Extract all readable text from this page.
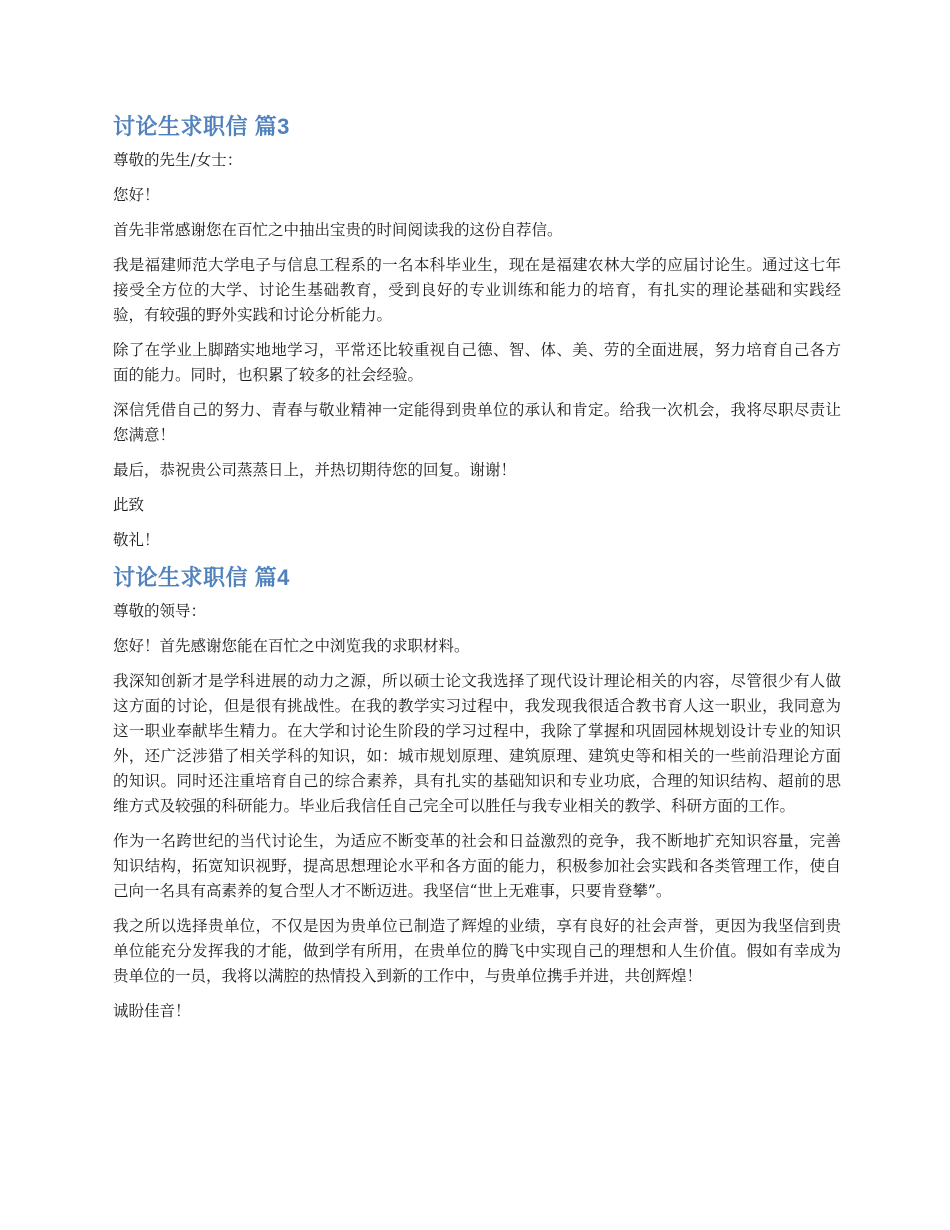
讨论生求职信 篇3

尊敬的先生/女士：

您好！

首先非常感谢您在百忙之中抽出宝贵的时间阅读我的这份自荐信。

我是福建师范大学电子与信息工程系的一名本科毕业生，现在是福建农林大学的应届讨论生。通过这七年接受全方位的大学、讨论生基础教育，受到良好的专业训练和能力的培育，有扎实的理论基础和实践经验，有较强的野外实践和讨论分析能力。

除了在学业上脚踏实地地学习，平常还比较重视自己德、智、体、美、劳的全面进展，努力培育自己各方面的能力。同时，也积累了较多的社会经验。

深信凭借自己的努力、青春与敬业精神一定能得到贵单位的承认和肯定。给我一次机会，我将尽职尽责让您满意！

最后，恭祝贵公司蒸蒸日上，并热切期待您的回复。谢谢！

此致

敬礼！

讨论生求职信 篇4

尊敬的领导：

您好！首先感谢您能在百忙之中浏览我的求职材料。

我深知创新才是学科进展的动力之源，所以硕士论文我选择了现代设计理论相关的内容，尽管很少有人做这方面的讨论，但是很有挑战性。在我的教学实习过程中，我发现我很适合教书育人这一职业，我同意为这一职业奉献毕生精力。在大学和讨论生阶段的学习过程中，我除了掌握和巩固园林规划设计专业的知识外，还广泛涉猎了相关学科的知识，如：城市规划原理、建筑原理、建筑史等和相关的一些前沿理论方面的知识。同时还注重培育自己的综合素养，具有扎实的基础知识和专业功底，合理的知识结构、超前的思维方式及较强的科研能力。毕业后我信任自己完全可以胜任与我专业相关的教学、科研方面的工作。

作为一名跨世纪的当代讨论生，为适应不断变革的社会和日益激烈的竞争，我不断地扩充知识容量，完善知识结构，拓宽知识视野，提高思想理论水平和各方面的能力，积极参加社会实践和各类管理工作，使自己向一名具有高素养的复合型人才不断迈进。我坚信“世上无难事，只要肯登攀”。

我之所以选择贵单位，不仅是因为贵单位已制造了辉煌的业绩，享有良好的社会声誉，更因为我坚信到贵单位能充分发挥我的才能，做到学有所用，在贵单位的腾飞中实现自己的理想和人生价值。假如有幸成为贵单位的一员，我将以满腔的热情投入到新的工作中，与贵单位携手并进，共创辉煌！

诚盼佳音！
